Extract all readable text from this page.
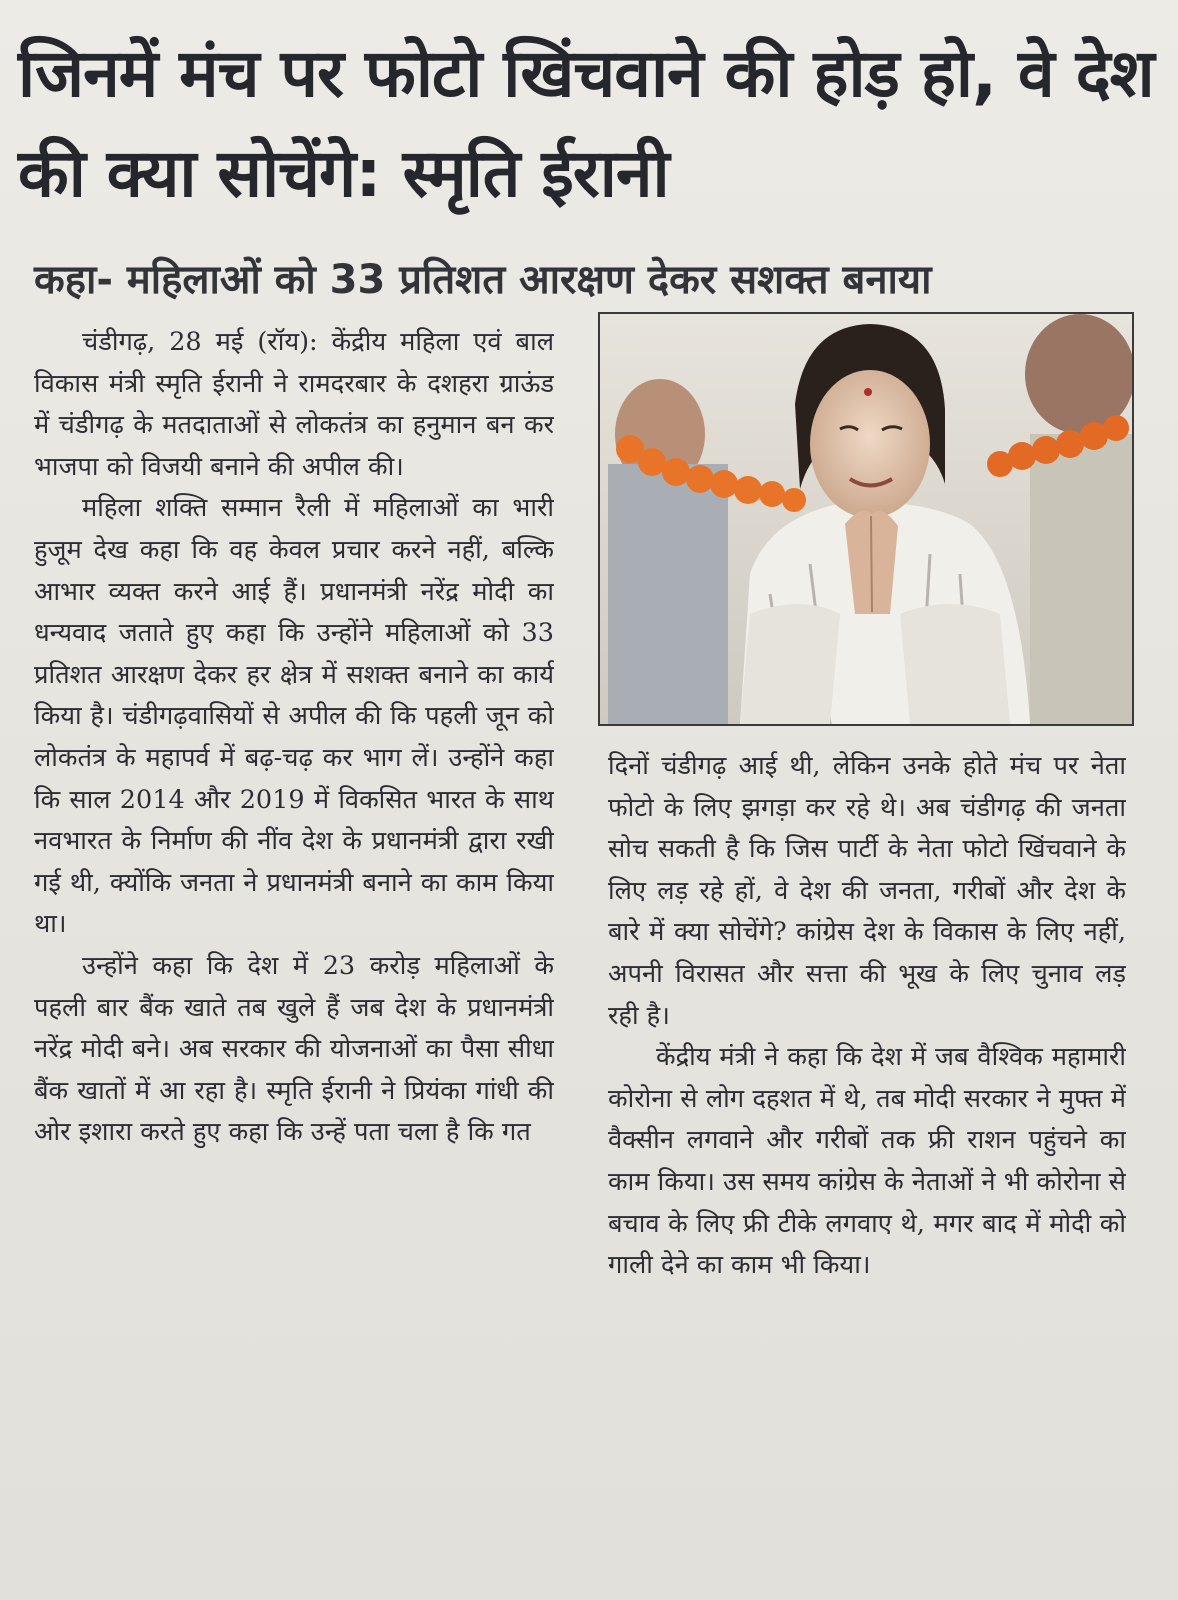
जिनमें मंच पर फोटो खिंचवाने की होड़ हो, वे देश की क्या सोचेंगे: स्मृति ईरानी
कहा- महिलाओं को 33 प्रतिशत आरक्षण देकर सशक्त बनाया

चंडीगढ़, 28 मई (रॉय): केंद्रीय महिला एवं बाल विकास मंत्री स्मृति ईरानी ने रामदरबार के दशहरा ग्राऊंड में चंडीगढ़ के मतदाताओं से लोकतंत्र का हनुमान बन कर भाजपा को विजयी बनाने की अपील की।

महिला शक्ति सम्मान रैली में महिलाओं का भारी हुजूम देख कहा कि वह केवल प्रचार करने नहीं, बल्कि आभार व्यक्त करने आई हैं। प्रधानमंत्री नरेंद्र मोदी का धन्यवाद जताते हुए कहा कि उन्होंने महिलाओं को 33 प्रतिशत आरक्षण देकर हर क्षेत्र में सशक्त बनाने का कार्य किया है। चंडीगढ़वासियों से अपील की कि पहली जून को लोकतंत्र के महापर्व में बढ़-चढ़ कर भाग लें। उन्होंने कहा कि साल 2014 और 2019 में विकसित भारत के साथ नवभारत के निर्माण की नींव देश के प्रधानमंत्री द्वारा रखी गई थी, क्योंकि जनता ने प्रधानमंत्री बनाने का काम किया था।

उन्होंने कहा कि देश में 23 करोड़ महिलाओं के पहली बार बैंक खाते तब खुले हैं जब देश के प्रधानमंत्री नरेंद्र मोदी बने। अब सरकार की योजनाओं का पैसा सीधा बैंक खातों में आ रहा है। स्मृति ईरानी ने प्रियंका गांधी की ओर इशारा करते हुए कहा कि उन्हें पता चला है कि गत

दिनों चंडीगढ़ आई थी, लेकिन उनके होते मंच पर नेता फोटो के लिए झगड़ा कर रहे थे। अब चंडीगढ़ की जनता सोच सकती है कि जिस पार्टी के नेता फोटो खिंचवाने के लिए लड़ रहे हों, वे देश की जनता, गरीबों और देश के बारे में क्या सोचेंगे? कांग्रेस देश के विकास के लिए नहीं, अपनी विरासत और सत्ता की भूख के लिए चुनाव लड़ रही है।

केंद्रीय मंत्री ने कहा कि देश में जब वैश्विक महामारी कोरोना से लोग दहशत में थे, तब मोदी सरकार ने मुफ्त में वैक्सीन लगवाने और गरीबों तक फ्री राशन पहुंचने का काम किया। उस समय कांग्रेस के नेताओं ने भी कोरोना से बचाव के लिए फ्री टीके लगवाए थे, मगर बाद में मोदी को गाली देने का काम भी किया।
